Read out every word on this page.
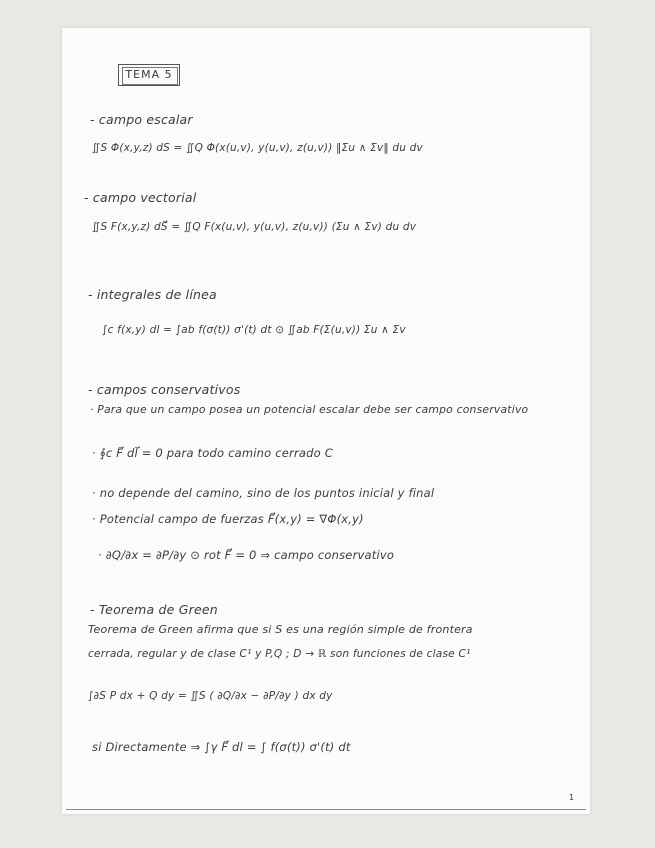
TEMA 5
- campo escalar
∬S Φ(x,y,z) dS = ∬Q Φ(x(u,v), y(u,v), z(u,v)) ‖Σu ∧ Σv‖ du dv
- campo vectorial
∬S F(x,y,z) dS⃗ = ∬Q F(x(u,v), y(u,v), z(u,v)) (Σu ∧ Σv) du dv
- integrales de línea
∫c f(x,y) dl = ∫ab f(σ(t)) σ'(t) dt ⊙ ∬ab F(Σ(u,v)) Σu ∧ Σv
- campos conservativos
· Para que un campo posea un potencial escalar debe ser campo conservativo
· ∮c F⃗ dl⃗ = 0 para todo camino cerrado C
· no depende del camino, sino de los puntos inicial y final
· Potencial campo de fuerzas F⃗(x,y) = ∇Φ(x,y)
· ∂Q/∂x = ∂P/∂y ⊙ rot F⃗ = 0 ⇒ campo conservativo
- Teorema de Green
Teorema de Green afirma que si S es una región simple de frontera
cerrada, regular y de clase C¹ y P,Q ; D → ℝ son funciones de clase C¹
∫∂S P dx + Q dy = ∬S ( ∂Q/∂x − ∂P/∂y ) dx dy
si Directamente ⇒ ∫γ F⃗ dl = ∫ f(σ(t)) σ'(t) dt
1
